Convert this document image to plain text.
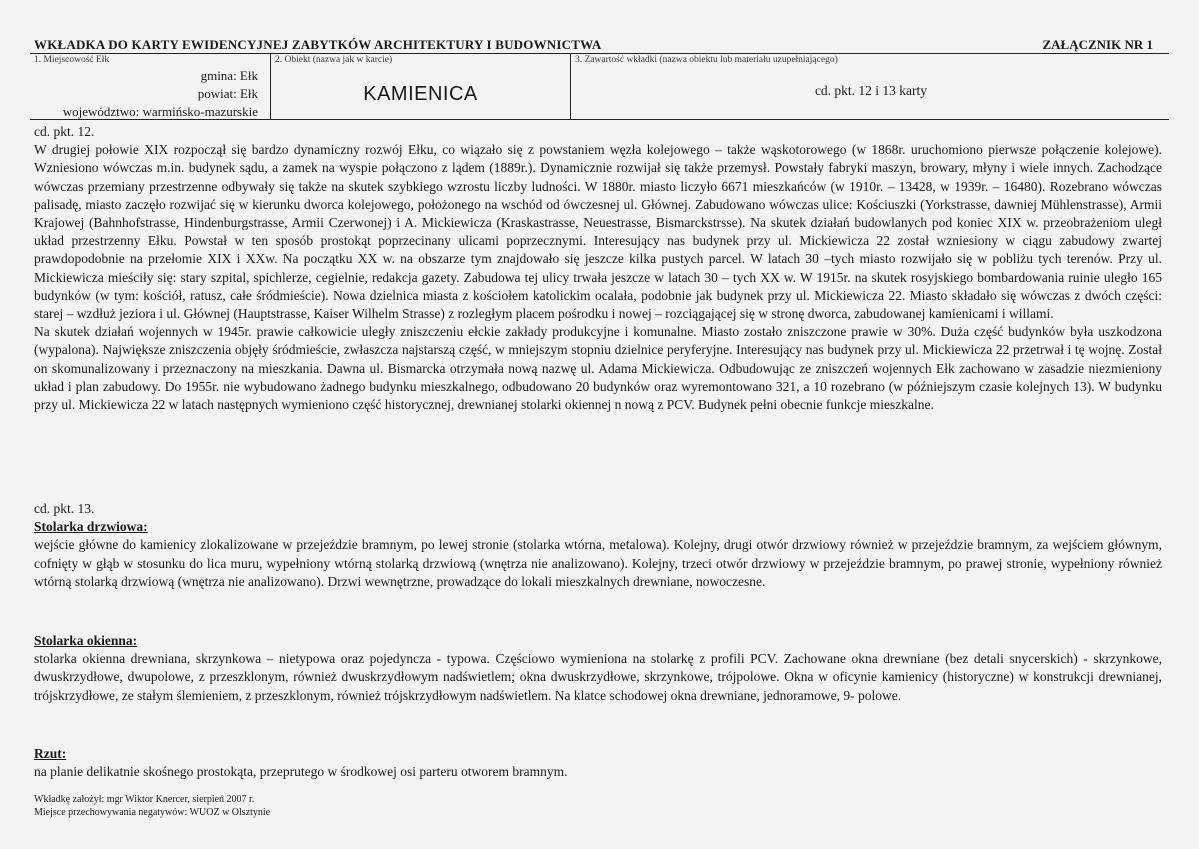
WKŁADKA DO KARTY EWIDENCYJNEJ ZABYTKÓW ARCHITEKTURY I BUDOWNICTWA	ZAŁĄCZNIK NR 1
1. Miejscowość Ełk
gmina: Ełk
powiat: Ełk
województwo: warmińsko-mazurskie
2. Obiekt (nazwa jak w karcie)
KAMIENICA
3. Zawartość wkładki (nazwa obiektu lub materiału uzupełniającego)
cd. pkt. 12 i 13 karty

cd. pkt. 12.

W drugiej połowie XIX rozpoczął się bardzo dynamiczny rozwój Ełku, co wiązało się z powstaniem węzła kolejowego – także wąskotorowego (w 1868r. uruchomiono pierwsze połączenie kolejowe). Wzniesiono wówczas m.in. budynek sądu, a zamek na wyspie połączono z lądem (1889r.). Dynamicznie rozwijał się także przemysł. Powstały fabryki maszyn, browary, młyny i wiele innych. Zachodzące wówczas przemiany przestrzenne odbywały się także na skutek szybkiego wzrostu liczby ludności. W 1880r. miasto liczyło 6671 mieszkańców (w 1910r. – 13428, w 1939r. – 16480). Rozebrano wówczas palisadę, miasto zaczęło rozwijać się w kierunku dworca kolejowego, położonego na wschód od ówczesnej ul. Głównej. Zabudowano wówczas ulice: Kościuszki (Yorkstrasse, dawniej Mühlenstrasse), Armii Krajowej (Bahnhofstrasse, Hindenburgstrasse, Armii Czerwonej) i A. Mickiewicza (Kraskastrasse, Neuestrasse, Bismarckstrsse). Na skutek działań budowlanych pod koniec XIX w. przeobrażeniom uległ układ przestrzenny Ełku. Powstał w ten sposób prostokąt poprzecinany ulicami poprzecznymi. Interesujący nas budynek przy ul. Mickiewicza 22 został wzniesiony w ciągu zabudowy zwartej prawdopodobnie na przełomie XIX i XXw. Na początku XX w. na obszarze tym znajdowało się jeszcze kilka pustych parcel. W latach 30 –tych miasto rozwijało się w pobliżu tych terenów. Przy ul. Mickiewicza mieściły się: stary szpital, spichlerze, cegielnie, redakcja gazety. Zabudowa tej ulicy trwała jeszcze w latach 30 – tych XX w. W 1915r. na skutek rosyjskiego bombardowania ruinie uległo 165 budynków (w tym: kościół, ratusz, całe śródmieście). Nowa dzielnica miasta z kościołem katolickim ocalała, podobnie jak budynek przy ul. Mickiewicza 22. Miasto składało się wówczas z dwóch części: starej – wzdłuż jeziora i ul. Głównej (Hauptstrasse, Kaiser Wilhelm Strasse) z rozległym placem pośrodku i nowej – rozciągającej się w stronę dworca, zabudowanej kamienicami i willami.

Na skutek działań wojennych w 1945r. prawie całkowicie uległy zniszczeniu ełckie zakłady produkcyjne i komunalne. Miasto zostało zniszczone prawie w 30%. Duża część budynków była uszkodzona (wypalona). Największe zniszczenia objęły śródmieście, zwłaszcza najstarszą część, w mniejszym stopniu dzielnice peryferyjne. Interesujący nas budynek przy ul. Mickiewicza 22 przetrwał i tę wojnę. Został on skomunalizowany i przeznaczony na mieszkania. Dawna ul. Bismarcka otrzymała nową nazwę ul. Adama Mickiewicza. Odbudowując ze zniszczeń wojennych Ełk zachowano w zasadzie niezmieniony układ i plan zabudowy. Do 1955r. nie wybudowano żadnego budynku mieszkalnego, odbudowano 20 budynków oraz wyremontowano 321, a 10 rozebrano (w późniejszym czasie kolejnych 13). W budynku przy ul. Mickiewicza 22 w latach następnych wymieniono część historycznej, drewnianej stolarki okiennej n nową z PCV. Budynek pełni obecnie funkcje mieszkalne.

cd. pkt. 13.

Stolarka drzwiowa:

wejście główne do kamienicy zlokalizowane w przejeździe bramnym, po lewej stronie (stolarka wtórna, metalowa). Kolejny, drugi otwór drzwiowy również w przejeździe bramnym, za wejściem głównym, cofnięty w głąb w stosunku do lica muru, wypełniony wtórną stolarką drzwiową (wnętrza nie analizowano). Kolejny, trzeci otwór drzwiowy w przejeździe bramnym, po prawej stronie, wypełniony również wtórną stolarką drzwiową (wnętrza nie analizowano). Drzwi wewnętrzne, prowadzące do lokali mieszkalnych drewniane, nowoczesne.

Stolarka okienna:

stolarka okienna drewniana, skrzynkowa – nietypowa oraz pojedyncza - typowa. Częściowo wymieniona na stolarkę z profili PCV. Zachowane okna drewniane (bez detali snycerskich) - skrzynkowe, dwuskrzydłowe, dwupolowe, z przeszklonym, również dwuskrzydłowym nadświetlem; okna dwuskrzydłowe, skrzynkowe, trójpolowe. Okna w oficynie kamienicy (historyczne) w konstrukcji drewnianej, trójskrzydłowe, ze stałym ślemieniem, z przeszklonym, również trójskrzydłowym nadświetlem. Na klatce schodowej okna drewniane, jednoramowe, 9- polowe.

Rzut:

na planie delikatnie skośnego prostokąta, przeprutego w środkowej osi parteru otworem bramnym.

Wkładkę założył: mgr Wiktor Knercer, sierpień 2007 r.
Miejsce przechowywania negatywów: WUOZ w Olsztynie
